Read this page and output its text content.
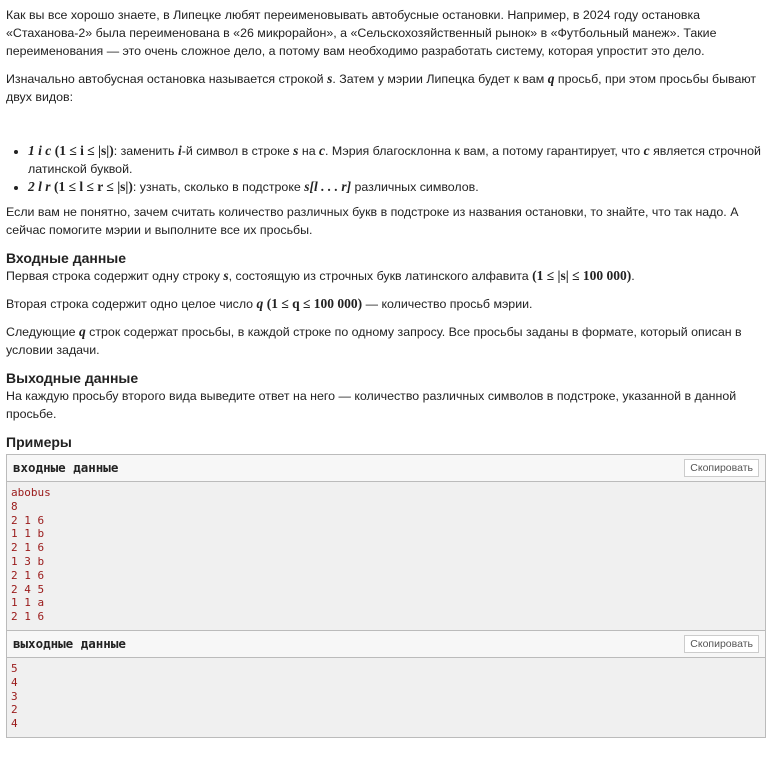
Как вы все хорошо знаете, в Липецке любят переименовывать автобусные остановки. Например, в 2024 году остановка «Стаханова-2» была переименована в «26 микрорайон», а «Сельскохозяйственный рынок» в «Футбольный манеж». Такие переименования — это очень сложное дело, а потому вам необходимо разработать систему, которая упростит это дело.

Изначально автобусная остановка называется строкой s. Затем у мэрии Липецка будет к вам q просьб, при этом просьбы бывают двух видов:

• 1 i c (1 ≤ i ≤ |s|): заменить i-й символ в строке s на c. Мэрия благосклонна к вам, а потому гарантирует, что c является строчной латинской буквой.
• 2 l r (1 ≤ l ≤ r ≤ |s|): узнать, сколько в подстроке s[l . . . r] различных символов.

Если вам не понятно, зачем считать количество различных букв в подстроке из названия остановки, то знайте, что так надо. А сейчас помогите мэрии и выполните все их просьбы.

Входные данные

Первая строка содержит одну строку s, состоящую из строчных букв латинского алфавита (1 ≤ |s| ≤ 100 000).

Вторая строка содержит одно целое число q (1 ≤ q ≤ 100 000) — количество просьб мэрии.

Следующие q строк содержат просьбы, в каждой строке по одному запросу. Все просьбы заданы в формате, который описан в условии задачи.

Выходные данные

На каждую просьбу второго вида выведите ответ на него — количество различных символов в подстроке, указанной в данной просьбе.

Примеры
входные данные	Скопировать
abobus
8
2 1 6
1 1 b
2 1 6
1 3 b
2 1 6
2 4 5
1 1 a
2 1 6
выходные данные	Скопировать
5
4
3
2
4
